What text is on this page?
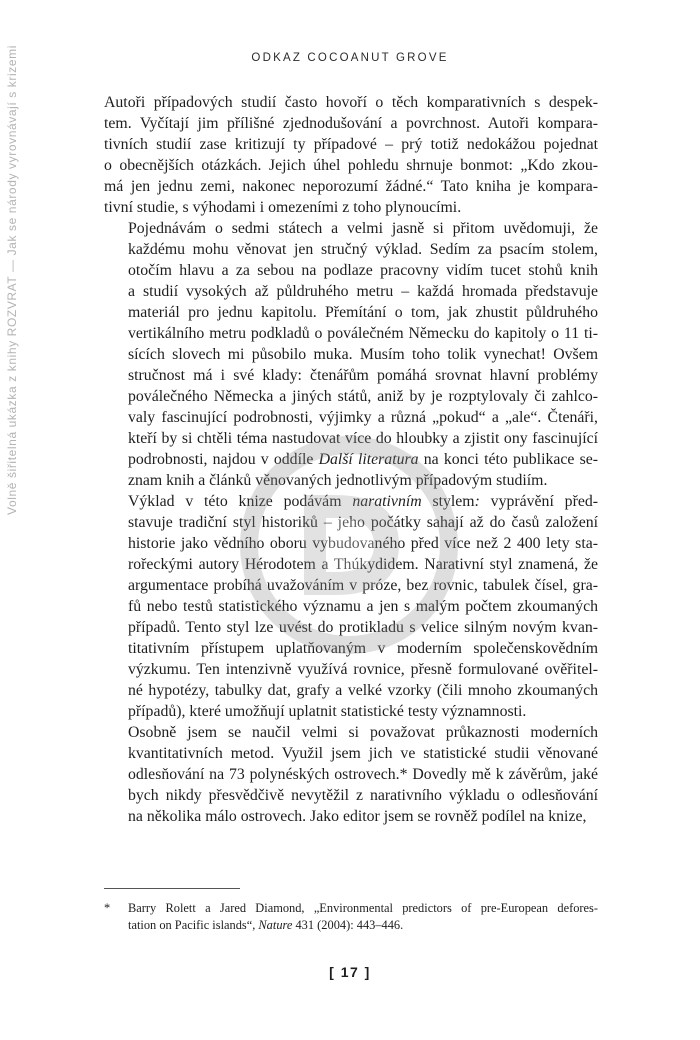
ODKAZ COCOANUT GROVE
Volně šiřitelná ukázka z knihy ROZVRAT — Jak se národy vyrovnávají s krizemi	Autoři případových studií často hovoří o těch komparativních s despek-
tem. Vyčítají jim přílišné zjednodušování a povrchnost. Autoři kompara-
tivních studií zase kritizují ty případové – prý totiž nedokážou pojednat
o obecnějších otázkách. Jejich úhel pohledu shrnuje bonmot: „Kdo zkou-
má jen jednu zemi, nakonec neporozumí žádné.“ Tato kniha je kompara-
tivní studie, s výhodami i omezeními z toho plynoucími.
Pojednávám o sedmi státech a velmi jasně si přitom uvědomuji, že
každému mohu věnovat jen stručný výklad. Sedím za psacím stolem,
otočím hlavu a za sebou na podlaze pracovny vidím tucet stohů knih
a studií vysokých až půldruhého metru – každá hromada představuje
materiál pro jednu kapitolu. Přemítání o tom, jak zhustit půldruhého
vertikálního metru podkladů o poválečném Německu do kapitoly o 11 ti-
sících slovech mi působilo muka. Musím toho tolik vynechat! Ovšem
stručnost má i své klady: čtenářům pomáhá srovnat hlavní problémy
poválečného Německa a jiných států, aniž by je rozptylovaly či zahlco-
valy fascinující podrobnosti, výjimky a různá „pokud“ a „ale“. Čtenáři,
kteří by si chtěli téma nastudovat více do hloubky a zjistit ony fascinující
podrobnosti, najdou v oddíle Další literatura na konci této publikace se-
znam knih a článků věnovaných jednotlivým případovým studiím.
Výklad v této knize podávám narativním stylem: vyprávění před-
stavuje tradiční styl historiků – jeho počátky sahají až do časů založení
historie jako vědního oboru vybudovaného před více než 2 400 lety sta-
rořeckými autory Hérodotem a Thúkydidem. Narativní styl znamená, že
argumentace probíhá uvažováním v próze, bez rovnic, tabulek čísel, gra-
fů nebo testů statistického významu a jen s malým počtem zkoumaných
případů. Tento styl lze uvést do protikladu s velice silným novým kvan-
titativním přístupem uplatňovaným v moderním společenskovědním
výzkumu. Ten intenzivně využívá rovnice, přesně formulované ověřitel-
né hypotézy, tabulky dat, grafy a velké vzorky (čili mnoho zkoumaných
případů), které umožňují uplatnit statistické testy významnosti.
Osobně jsem se naučil velmi si považovat průkaznosti moderních
kvantitativních metod. Využil jsem jich ve statistické studii věnované
odlesňování na 73 polynéských ostrovech.* Dovedly mě k závěrům, jaké
bych nikdy přesvědčivě nevytěžil z narativního výkladu o odlesňování
na několika málo ostrovech. Jako editor jsem se rovněž podílel na knize,
* Barry Rolett a Jared Diamond, „Environmental predictors of pre-European defores-
tation on Pacific islands“, Nature 431 (2004): 443–446.
[ 17 ]
